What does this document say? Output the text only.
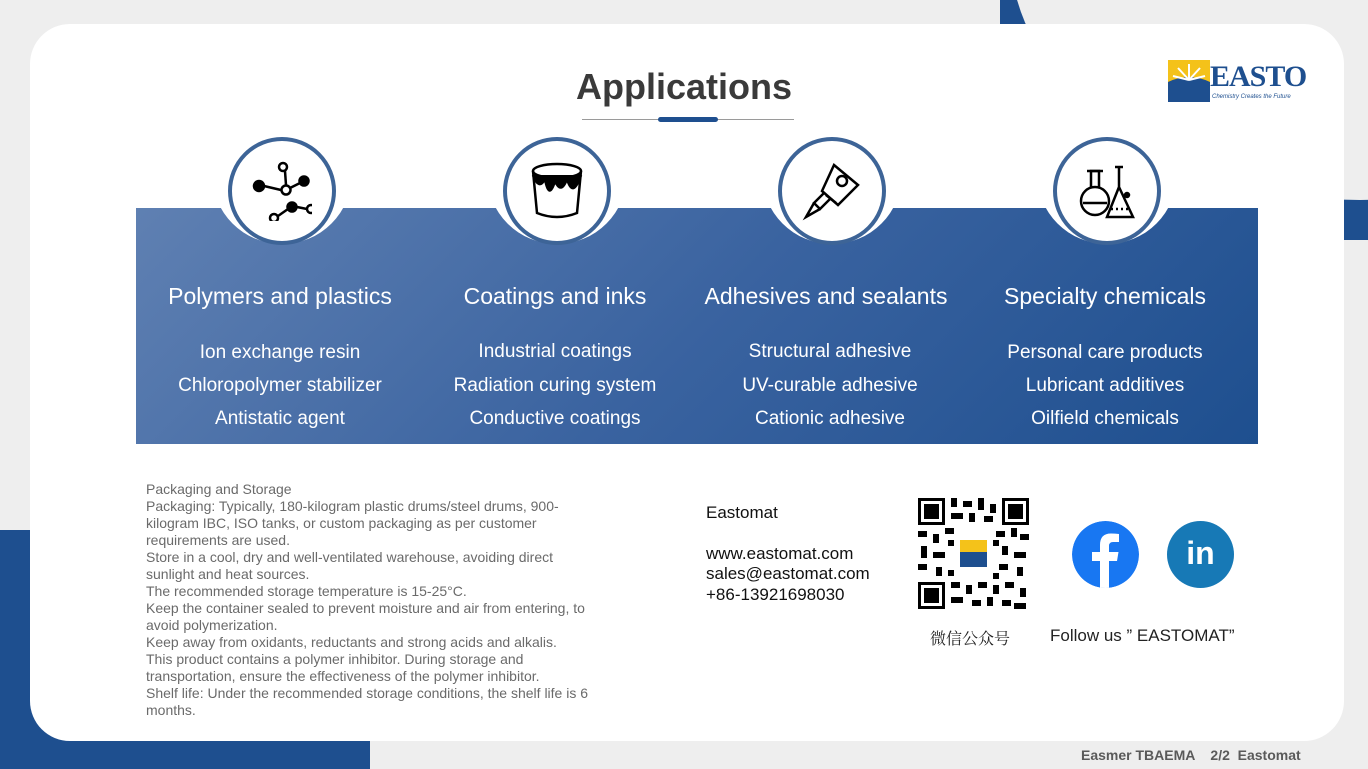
Applications	EASTO
Chemistry Creates the Future
Polymers and plastics
Ion exchange resin
Chloropolymer stabilizer
Antistatic agent
Coatings and inks
Industrial coatings
Radiation curing system
Conductive coatings
Adhesives and sealants
Structural adhesive
UV-curable adhesive
Cationic adhesive
Specialty chemicals
Personal care products
Lubricant additives
Oilfield chemicals
Packaging and Storage
Packaging: Typically, 180-kilogram plastic drums/steel drums, 900-
kilogram IBC, ISO tanks, or custom packaging as per customer
requirements are used.
Store in a cool, dry and well-ventilated warehouse, avoiding direct
sunlight and heat sources.
The recommended storage temperature is 15-25°C.
Keep the container sealed to prevent moisture and air from entering, to
avoid polymerization.
Keep away from oxidants, reductants and strong acids and alkalis.
This product contains a polymer inhibitor. During storage and
transportation, ensure the effectiveness of the polymer inhibitor.
Shelf life: Under the recommended storage conditions, the shelf life is 6
months.
Eastomat
www.eastomat.com
sales@eastomat.com
+86-13921698030
微信公众号
in
Follow us ” EASTOMAT”
Easmer TBAEMA    2/2  Eastomat
